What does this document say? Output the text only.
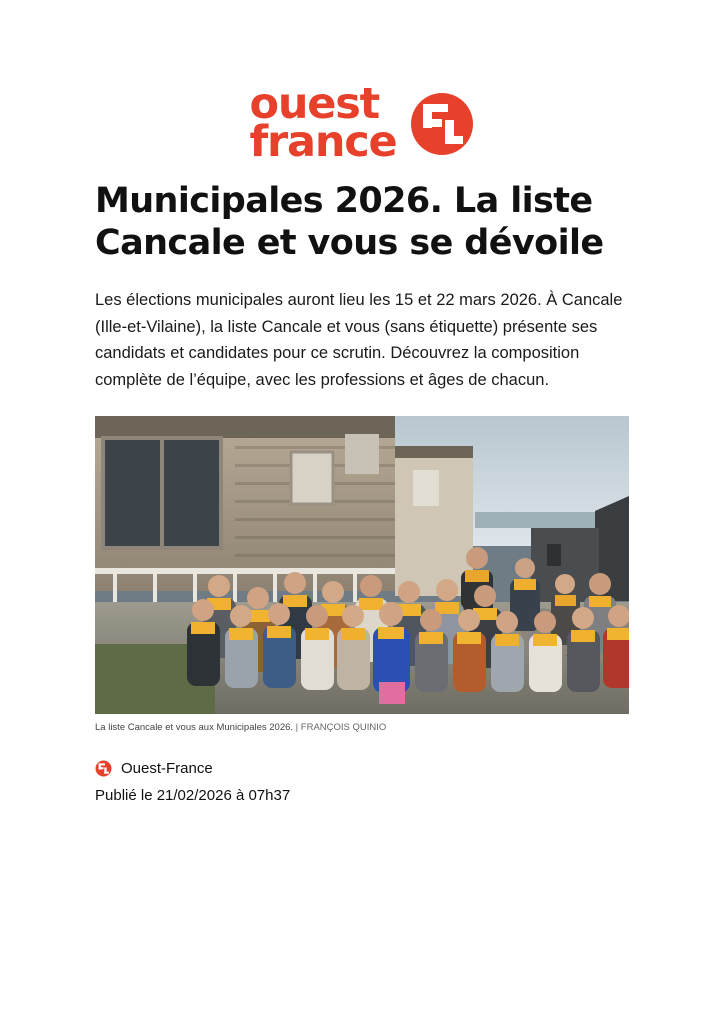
ouest
france
Municipales 2026. La liste Cancale et vous se dévoile

Les élections municipales auront lieu les 15 et 22 mars 2026. À Cancale (Ille-et-Vilaine), la liste Cancale et vous (sans étiquette) présente ses candidats et candidates pour ce scrutin. Découvrez la composition complète de l’équipe, avec les professions et âges de chacun.

La liste Cancale et vous aux Municipales 2026. | FRANÇOIS QUINIO
Ouest-France
Publié le 21/02/2026 à 07h37
